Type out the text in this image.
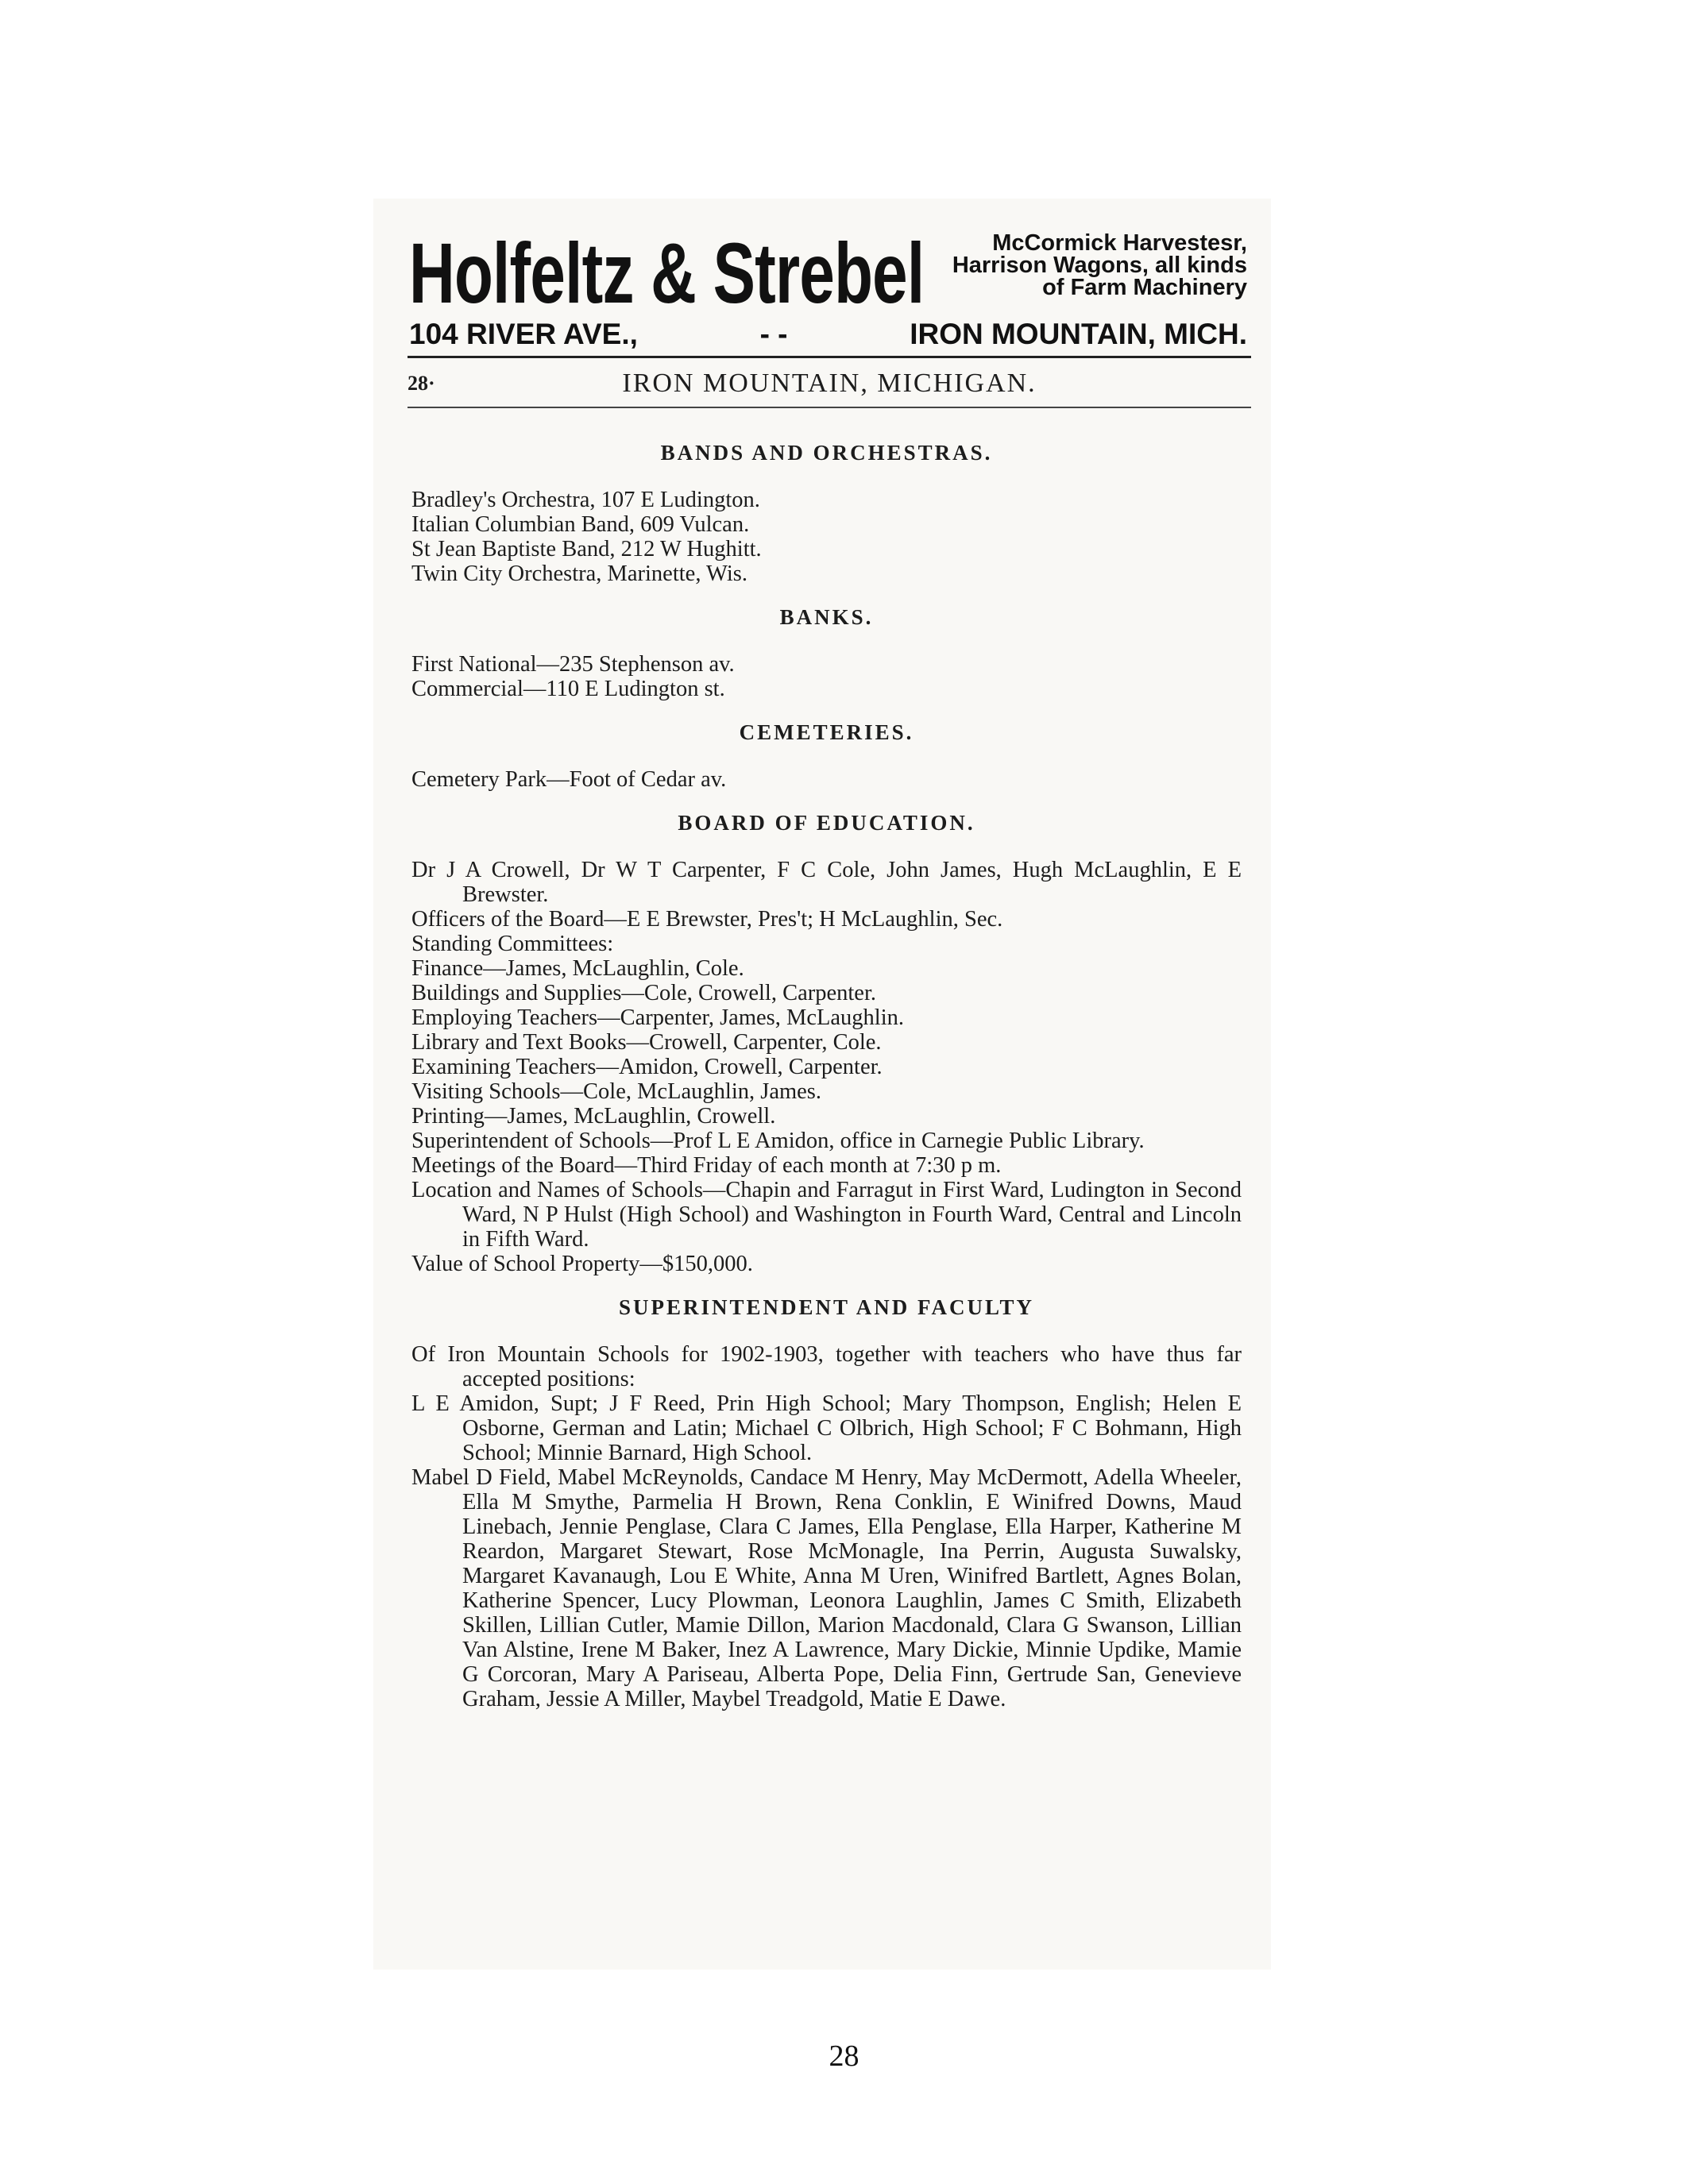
Holfeltz & Strebel	McCormick Harvestesr,
Harrison Wagons, all kinds
of Farm Machinery
104 RIVER AVE.,	- -	IRON MOUNTAIN, MICH.
28·	IRON MOUNTAIN, MICHIGAN.
BANDS AND ORCHESTRAS.

Bradley's Orchestra, 107 E Ludington.

Italian Columbian Band, 609 Vulcan.

St Jean Baptiste Band, 212 W Hughitt.

Twin City Orchestra, Marinette, Wis.

BANKS.

First National—235 Stephenson av.

Commercial—110 E Ludington st.

CEMETERIES.

Cemetery Park—Foot of Cedar av.

BOARD OF EDUCATION.

Dr J A Crowell, Dr W T Carpenter, F C Cole, John James, Hugh McLaughlin, E E Brewster.

Officers of the Board—E E Brewster, Pres't; H McLaughlin, Sec.

Standing Committees:

Finance—James, McLaughlin, Cole.

Buildings and Supplies—Cole, Crowell, Carpenter.

Employing Teachers—Carpenter, James, McLaughlin.

Library and Text Books—Crowell, Carpenter, Cole.

Examining Teachers—Amidon, Crowell, Carpenter.

Visiting Schools—Cole, McLaughlin, James.

Printing—James, McLaughlin, Crowell.

Superintendent of Schools—Prof L E Amidon, office in Carnegie Public Library.

Meetings of the Board—Third Friday of each month at 7:30 p m.

Location and Names of Schools—Chapin and Farragut in First Ward, Ludington in Second Ward, N P Hulst (High School) and Washington in Fourth Ward, Central and Lincoln in Fifth Ward.

Value of School Property—$150,000.

SUPERINTENDENT AND FACULTY

Of Iron Mountain Schools for 1902-1903, together with teachers who have thus far accepted positions:

L E Amidon, Supt; J F Reed, Prin High School; Mary Thompson, English; Helen E Osborne, German and Latin; Michael C Olbrich, High School; F C Bohmann, High School; Minnie Barnard, High School.

Mabel D Field, Mabel McReynolds, Candace M Henry, May McDermott, Adella Wheeler, Ella M Smythe, Parmelia H Brown, Rena Conklin, E Winifred Downs, Maud Linebach, Jennie Penglase, Clara C James, Ella Penglase, Ella Harper, Katherine M Reardon, Margaret Stewart, Rose McMonagle, Ina Perrin, Augusta Suwalsky, Margaret Kavanaugh, Lou E White, Anna M Uren, Winifred Bartlett, Agnes Bolan, Katherine Spencer, Lucy Plowman, Leonora Laughlin, James C Smith, Elizabeth Skillen, Lillian Cutler, Mamie Dillon, Marion Macdonald, Clara G Swanson, Lillian Van Alstine, Irene M Baker, Inez A Lawrence, Mary Dickie, Minnie Updike, Mamie G Corcoran, Mary A Pariseau, Alberta Pope, Delia Finn, Gertrude San, Genevieve Graham, Jessie A Miller, Maybel Treadgold, Matie E Dawe.

28
